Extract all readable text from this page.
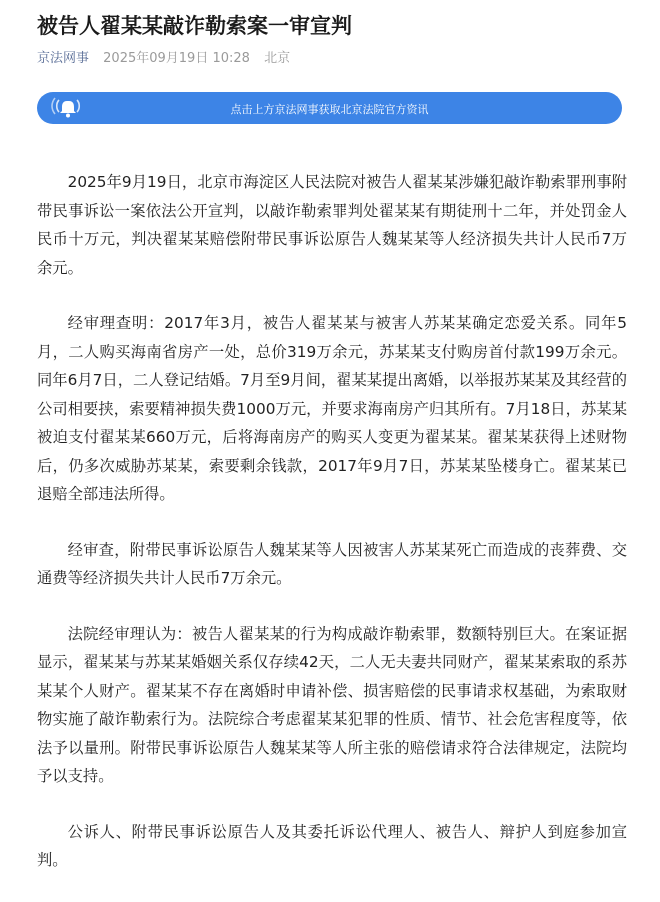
被告人翟某某敲诈勒索案一审宣判
京法网事 2025年09月19日 10:28 北京
点击上方京法网事获取北京法院官方资讯

2025年9月19日，北京市海淀区人民法院对被告人翟某某涉嫌犯敲诈勒索罪刑事附带民事诉讼一案依法公开宣判，以敲诈勒索罪判处翟某某有期徒刑十二年，并处罚金人民币十万元，判决翟某某赔偿附带民事诉讼原告人魏某某等人经济损失共计人民币7万余元。

经审理查明：2017年3月，被告人翟某某与被害人苏某某确定恋爱关系。同年5月，二人购买海南省房产一处，总价319万余元，苏某某支付购房首付款199万余元。同年6月7日，二人登记结婚。7月至9月间，翟某某提出离婚，以举报苏某某及其经营的公司相要挟，索要精神损失费1000万元，并要求海南房产归其所有。7月18日，苏某某被迫支付翟某某660万元，后将海南房产的购买人变更为翟某某。翟某某获得上述财物后，仍多次威胁苏某某，索要剩余钱款，2017年9月7日，苏某某坠楼身亡。翟某某已退赔全部违法所得。

经审查，附带民事诉讼原告人魏某某等人因被害人苏某某死亡而造成的丧葬费、交通费等经济损失共计人民币7万余元。

法院经审理认为：被告人翟某某的行为构成敲诈勒索罪，数额特别巨大。在案证据显示，翟某某与苏某某婚姻关系仅存续42天，二人无夫妻共同财产，翟某某索取的系苏某某个人财产。翟某某不存在离婚时申请补偿、损害赔偿的民事请求权基础，为索取财物实施了敲诈勒索行为。法院综合考虑翟某某犯罪的性质、情节、社会危害程度等，依法予以量刑。附带民事诉讼原告人魏某某等人所主张的赔偿请求符合法律规定，法院均予以支持。

公诉人、附带民事诉讼原告人及其委托诉讼代理人、被告人、辩护人到庭参加宣判。
